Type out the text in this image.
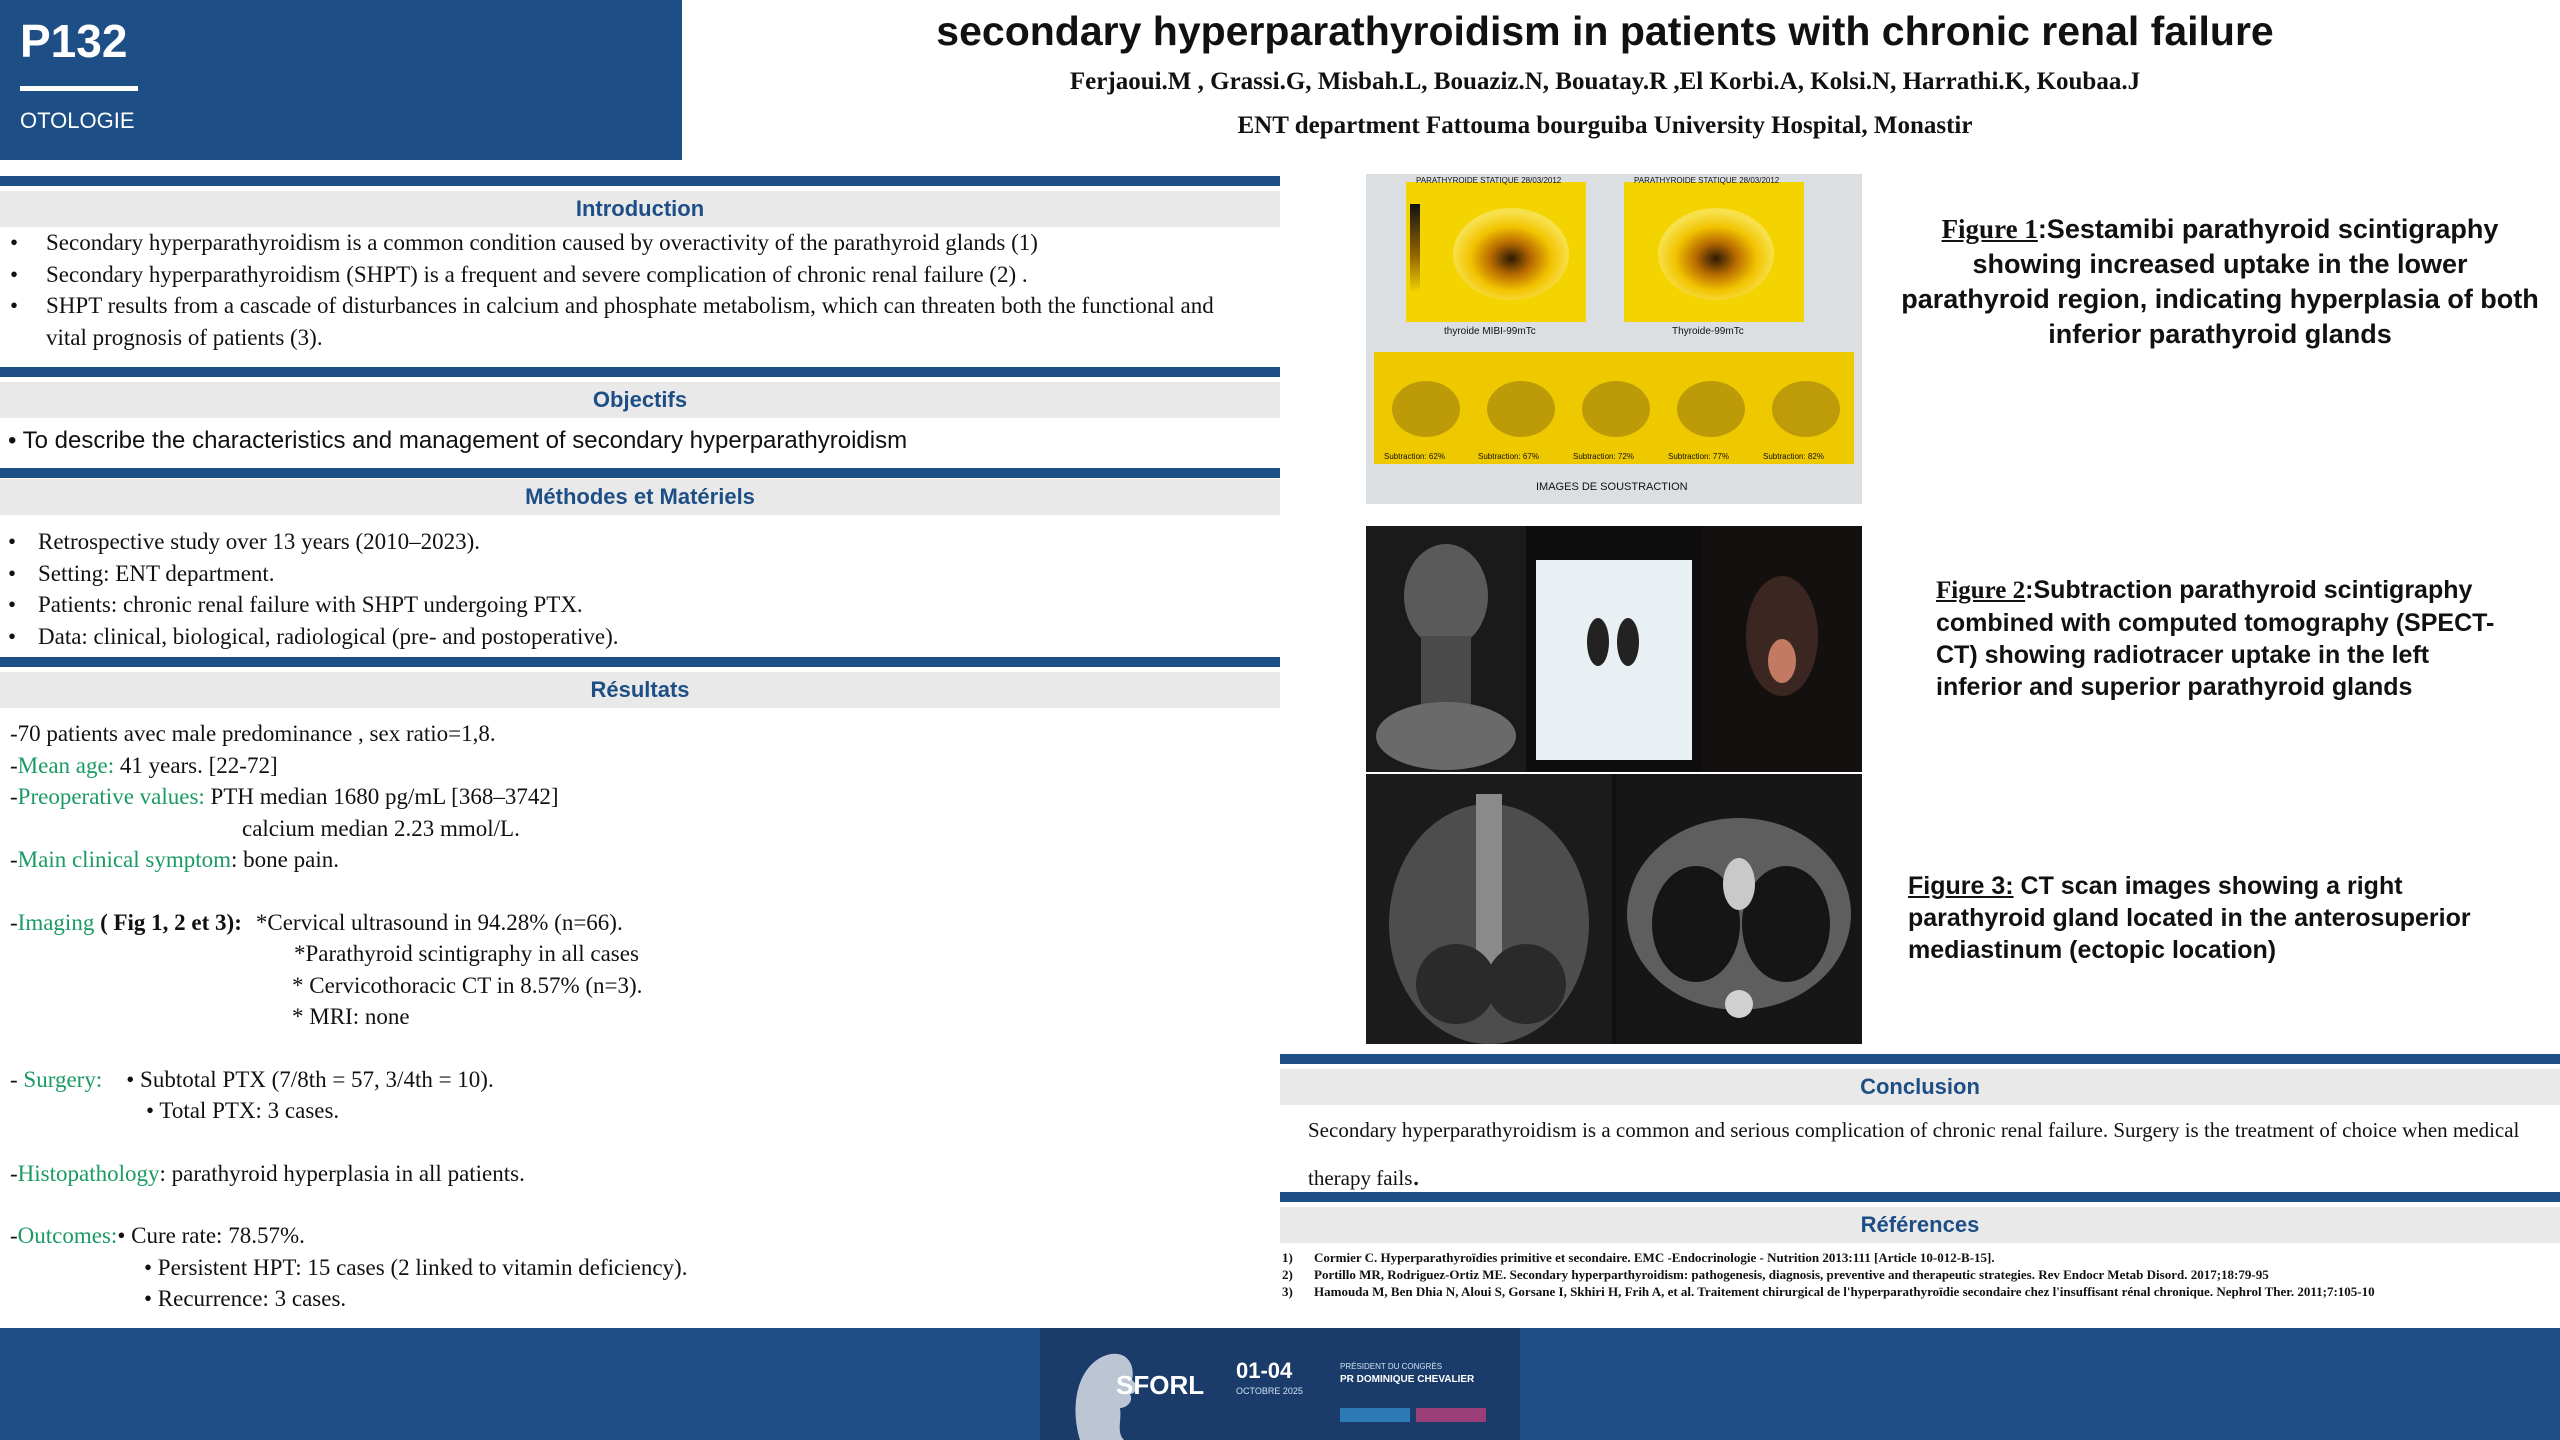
P132
OTOLOGIE
secondary hyperparathyroidism in patients with chronic renal failure
Ferjaoui.M , Grassi.G, Misbah.L, Bouaziz.N, Bouatay.R ,El Korbi.A, Kolsi.N, Harrathi.K, Koubaa.J
ENT department Fattouma bourguiba University Hospital, Monastir
Introduction
• Secondary hyperparathyroidism is a common condition caused by overactivity of the parathyroid glands (1)
• Secondary hyperparathyroidism (SHPT) is a frequent and severe complication of chronic renal failure (2) .
• SHPT results from a cascade of disturbances in calcium and phosphate metabolism, which can threaten both the functional and vital prognosis of patients (3).
Objectifs
• To describe the characteristics and management of secondary hyperparathyroidism
Méthodes et Matériels
• Retrospective study over 13 years (2010–2023).
• Setting: ENT department.
• Patients: chronic renal failure with SHPT undergoing PTX.
• Data: clinical, biological, radiological (pre- and postoperative).
Résultats
-70 patients avec male predominance , sex ratio=1,8.
-Mean age: 41 years. [22-72]
-Preoperative values: PTH median 1680 pg/mL [368–3742]
calcium median 2.23 mmol/L.
-Main clinical symptom: bone pain.
-Imaging ( Fig 1, 2 et 3): *Cervical ultrasound in 94.28% (n=66).
*Parathyroid scintigraphy in all cases
* Cervicothoracic CT in 8.57% (n=3).
* MRI: none
- Surgery: • Subtotal PTX (7/8th = 57, 3/4th = 10).
• Total PTX: 3 cases.
-Histopathology: parathyroid hyperplasia in all patients.
-Outcomes:• Cure rate: 78.57%.
• Persistent HPT: 15 cases (2 linked to vitamin deficiency).
• Recurrence: 3 cases.
PARATHYROIDE STATIQUE 28/03/2012	PARATHYROIDE STATIQUE 28/03/2012
thyroide MIBI-99mTc	Thyroide-99mTc
Subtraction: 62%	Subtraction: 67%	Subtraction: 72%	Subtraction: 77%	Subtraction: 82%
IMAGES DE SOUSTRACTION
Figure 1:Sestamibi parathyroid scintigraphy showing increased uptake in the lower parathyroid region, indicating hyperplasia of both inferior parathyroid glands
Figure 2:Subtraction parathyroid scintigraphy combined with computed tomography (SPECT-CT) showing radiotracer uptake in the left inferior and superior parathyroid glands
Figure 3: CT scan images showing a right parathyroid gland located in the anterosuperior mediastinum (ectopic location)
Conclusion
Secondary hyperparathyroidism is a common and serious complication of chronic renal failure. Surgery is the treatment of choice when medical therapy fails.
Références
1) Cormier C. Hyperparathyroïdies primitive et secondaire. EMC -Endocrinologie - Nutrition 2013:111 [Article 10-012-B-15].
2) Portillo MR, Rodriguez-Ortiz ME. Secondary hyperparthyroidism: pathogenesis, diagnosis, preventive and therapeutic strategies. Rev Endocr Metab Disord. 2017;18:79-95
3) Hamouda M, Ben Dhia N, Aloui S, Gorsane I, Skhiri H, Frih A, et al. Traitement chirurgical de l'hyperparathyroïdie secondaire chez l'insuffisant rénal chronique. Nephrol Ther. 2011;7:105-10
SFORL 01-04
OCTOBRE 2025
PRÉSIDENT DU CONGRÈS
PR DOMINIQUE CHEVALIER
